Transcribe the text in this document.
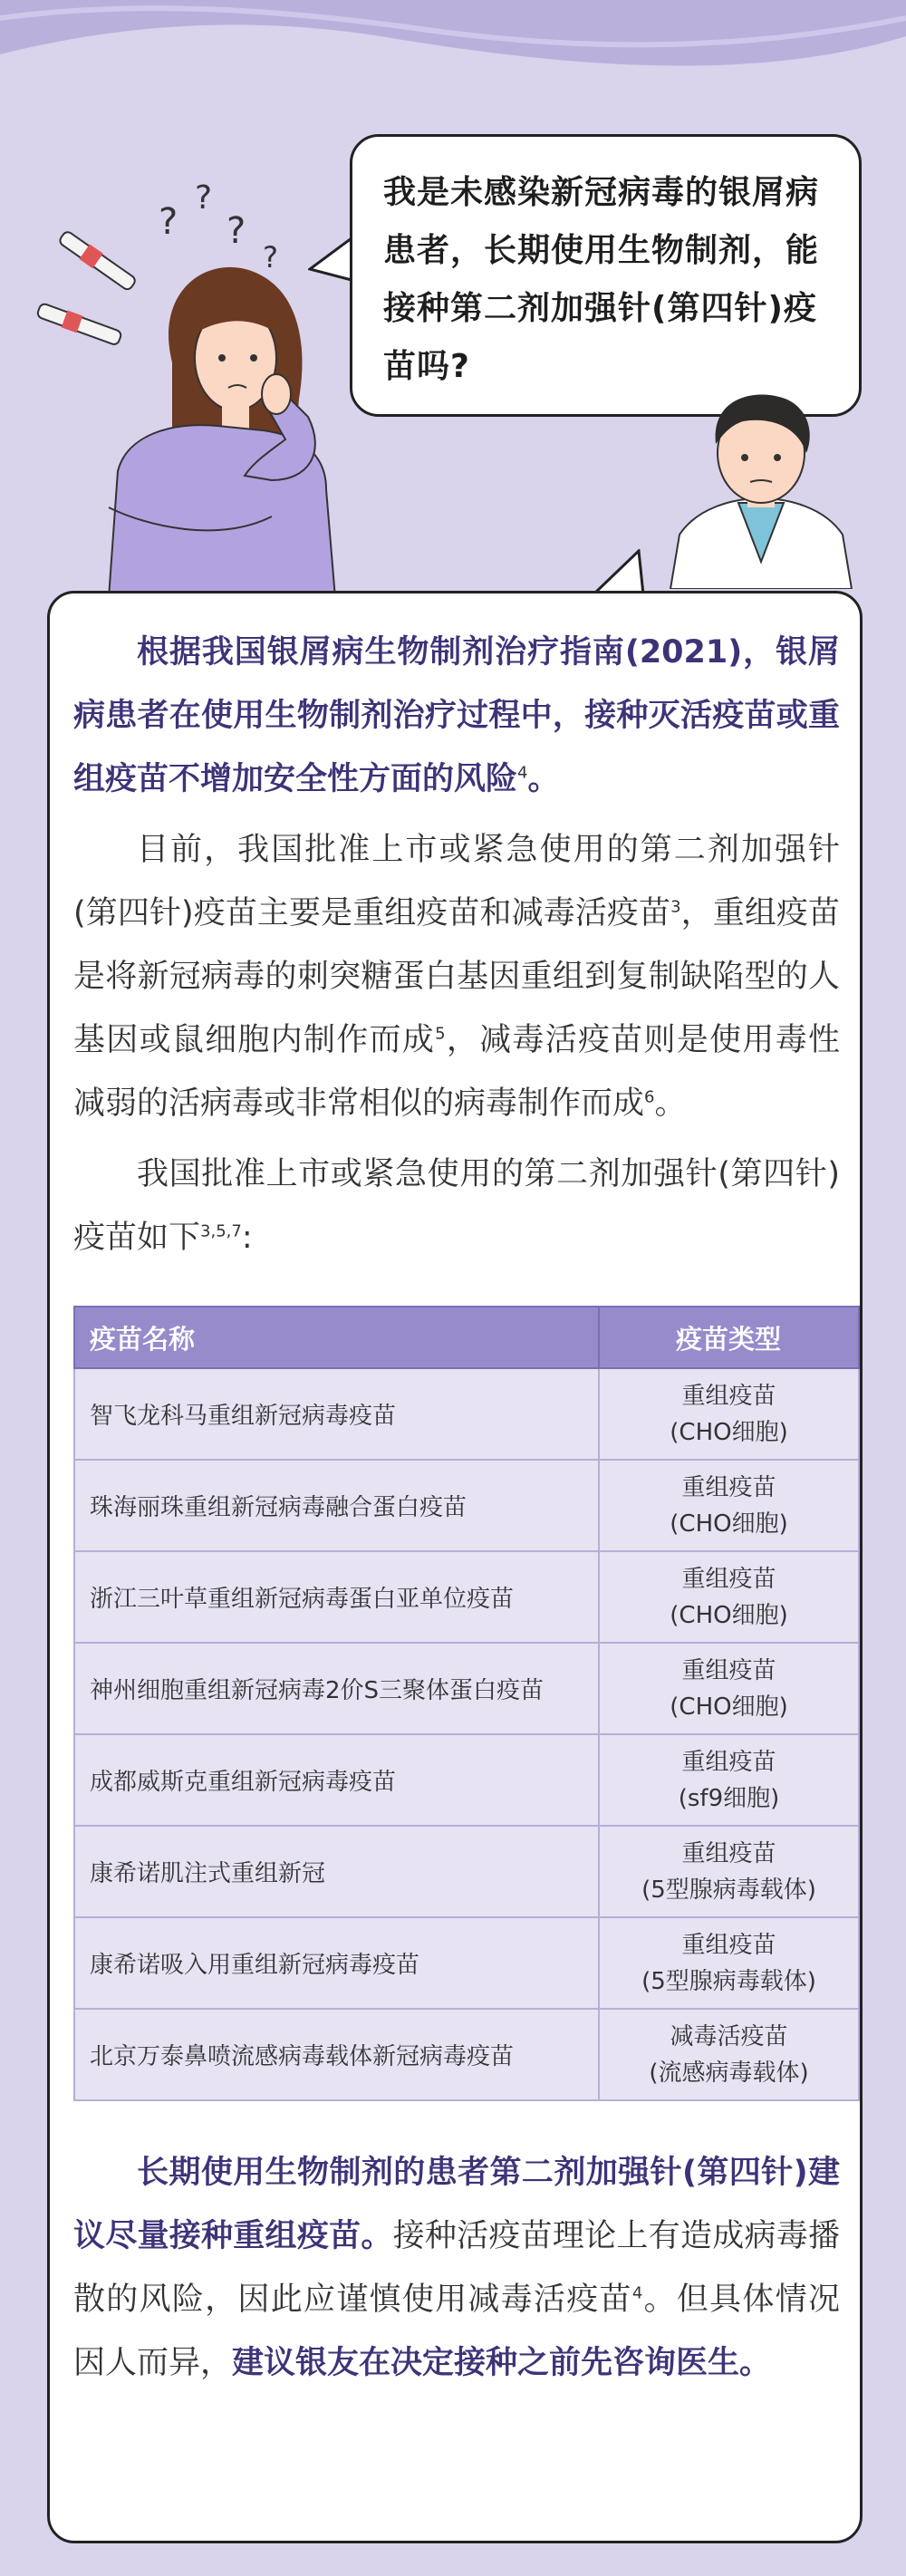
?
?
?
?

我是未感染新冠病毒的银屑病患者，长期使用生物制剂，能接种第二剂加强针(第四针)疫苗吗?

根据我国银屑病生物制剂治疗指南(2021)，银屑病患者在使用生物制剂治疗过程中，接种灭活疫苗或重组疫苗不增加安全性方面的风险$^4$。

目前，我国批准上市或紧急使用的第二剂加强针(第四针)疫苗主要是重组疫苗和减毒活疫苗$^3$，重组疫苗是将新冠病毒的刺突糖蛋白基因重组到复制缺陷型的人基因或鼠细胞内制作而成$^5$，减毒活疫苗则是使用毒性减弱的活病毒或非常相似的病毒制作而成$^6$。

我国批准上市或紧急使用的第二剂加强针(第四针)疫苗如下$^{3,5,7}$:

疫苗名称	疫苗类型
智飞龙科马重组新冠病毒疫苗	重组疫苗
(CHO细胞)
珠海丽珠重组新冠病毒融合蛋白疫苗	重组疫苗
(CHO细胞)
浙江三叶草重组新冠病毒蛋白亚单位疫苗	重组疫苗
(CHO细胞)
神州细胞重组新冠病毒2价S三聚体蛋白疫苗	重组疫苗
(CHO细胞)
成都威斯克重组新冠病毒疫苗	重组疫苗
(sf9细胞)
康希诺肌注式重组新冠	重组疫苗
(5型腺病毒载体)
康希诺吸入用重组新冠病毒疫苗	重组疫苗
(5型腺病毒载体)
北京万泰鼻喷流感病毒载体新冠病毒疫苗	减毒活疫苗
(流感病毒载体)

长期使用生物制剂的患者第二剂加强针(第四针)建议尽量接种重组疫苗。接种活疫苗理论上有造成病毒播散的风险，因此应谨慎使用减毒活疫苗$^4$。但具体情况因人而异，建议银友在决定接种之前先咨询医生。
